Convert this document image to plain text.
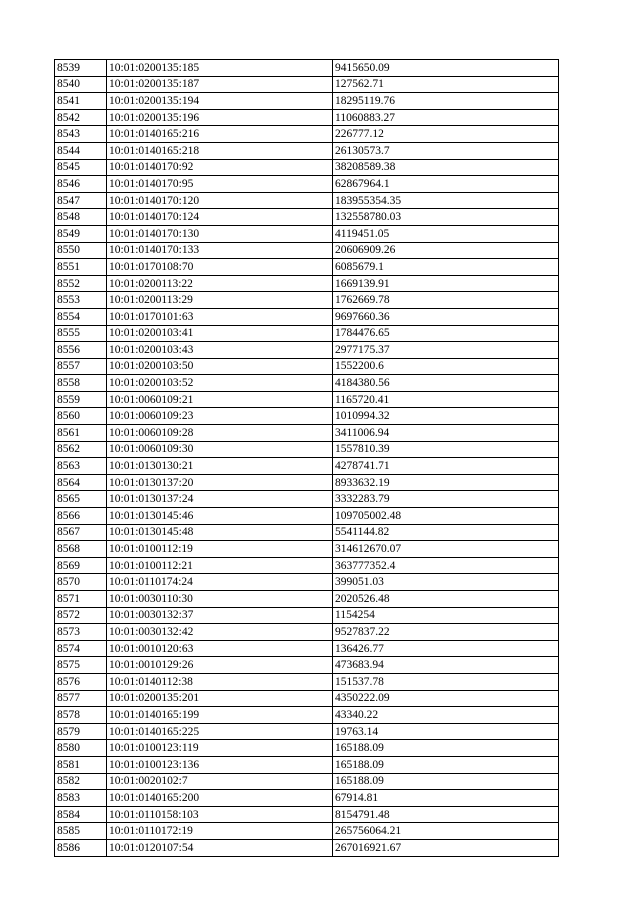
8539	10:01:0200135:185	9415650.09
8540	10:01:0200135:187	127562.71
8541	10:01:0200135:194	18295119.76
8542	10:01:0200135:196	11060883.27
8543	10:01:0140165:216	226777.12
8544	10:01:0140165:218	26130573.7
8545	10:01:0140170:92	38208589.38
8546	10:01:0140170:95	62867964.1
8547	10:01:0140170:120	183955354.35
8548	10:01:0140170:124	132558780.03
8549	10:01:0140170:130	4119451.05
8550	10:01:0140170:133	20606909.26
8551	10:01:0170108:70	6085679.1
8552	10:01:0200113:22	1669139.91
8553	10:01:0200113:29	1762669.78
8554	10:01:0170101:63	9697660.36
8555	10:01:0200103:41	1784476.65
8556	10:01:0200103:43	2977175.37
8557	10:01:0200103:50	1552200.6
8558	10:01:0200103:52	4184380.56
8559	10:01:0060109:21	1165720.41
8560	10:01:0060109:23	1010994.32
8561	10:01:0060109:28	3411006.94
8562	10:01:0060109:30	1557810.39
8563	10:01:0130130:21	4278741.71
8564	10:01:0130137:20	8933632.19
8565	10:01:0130137:24	3332283.79
8566	10:01:0130145:46	109705002.48
8567	10:01:0130145:48	5541144.82
8568	10:01:0100112:19	314612670.07
8569	10:01:0100112:21	363777352.4
8570	10:01:0110174:24	399051.03
8571	10:01:0030110:30	2020526.48
8572	10:01:0030132:37	1154254
8573	10:01:0030132:42	9527837.22
8574	10:01:0010120:63	136426.77
8575	10:01:0010129:26	473683.94
8576	10:01:0140112:38	151537.78
8577	10:01:0200135:201	4350222.09
8578	10:01:0140165:199	43340.22
8579	10:01:0140165:225	19763.14
8580	10:01:0100123:119	165188.09
8581	10:01:0100123:136	165188.09
8582	10:01:0020102:7	165188.09
8583	10:01:0140165:200	67914.81
8584	10:01:0110158:103	8154791.48
8585	10:01:0110172:19	265756064.21
8586	10:01:0120107:54	267016921.67
